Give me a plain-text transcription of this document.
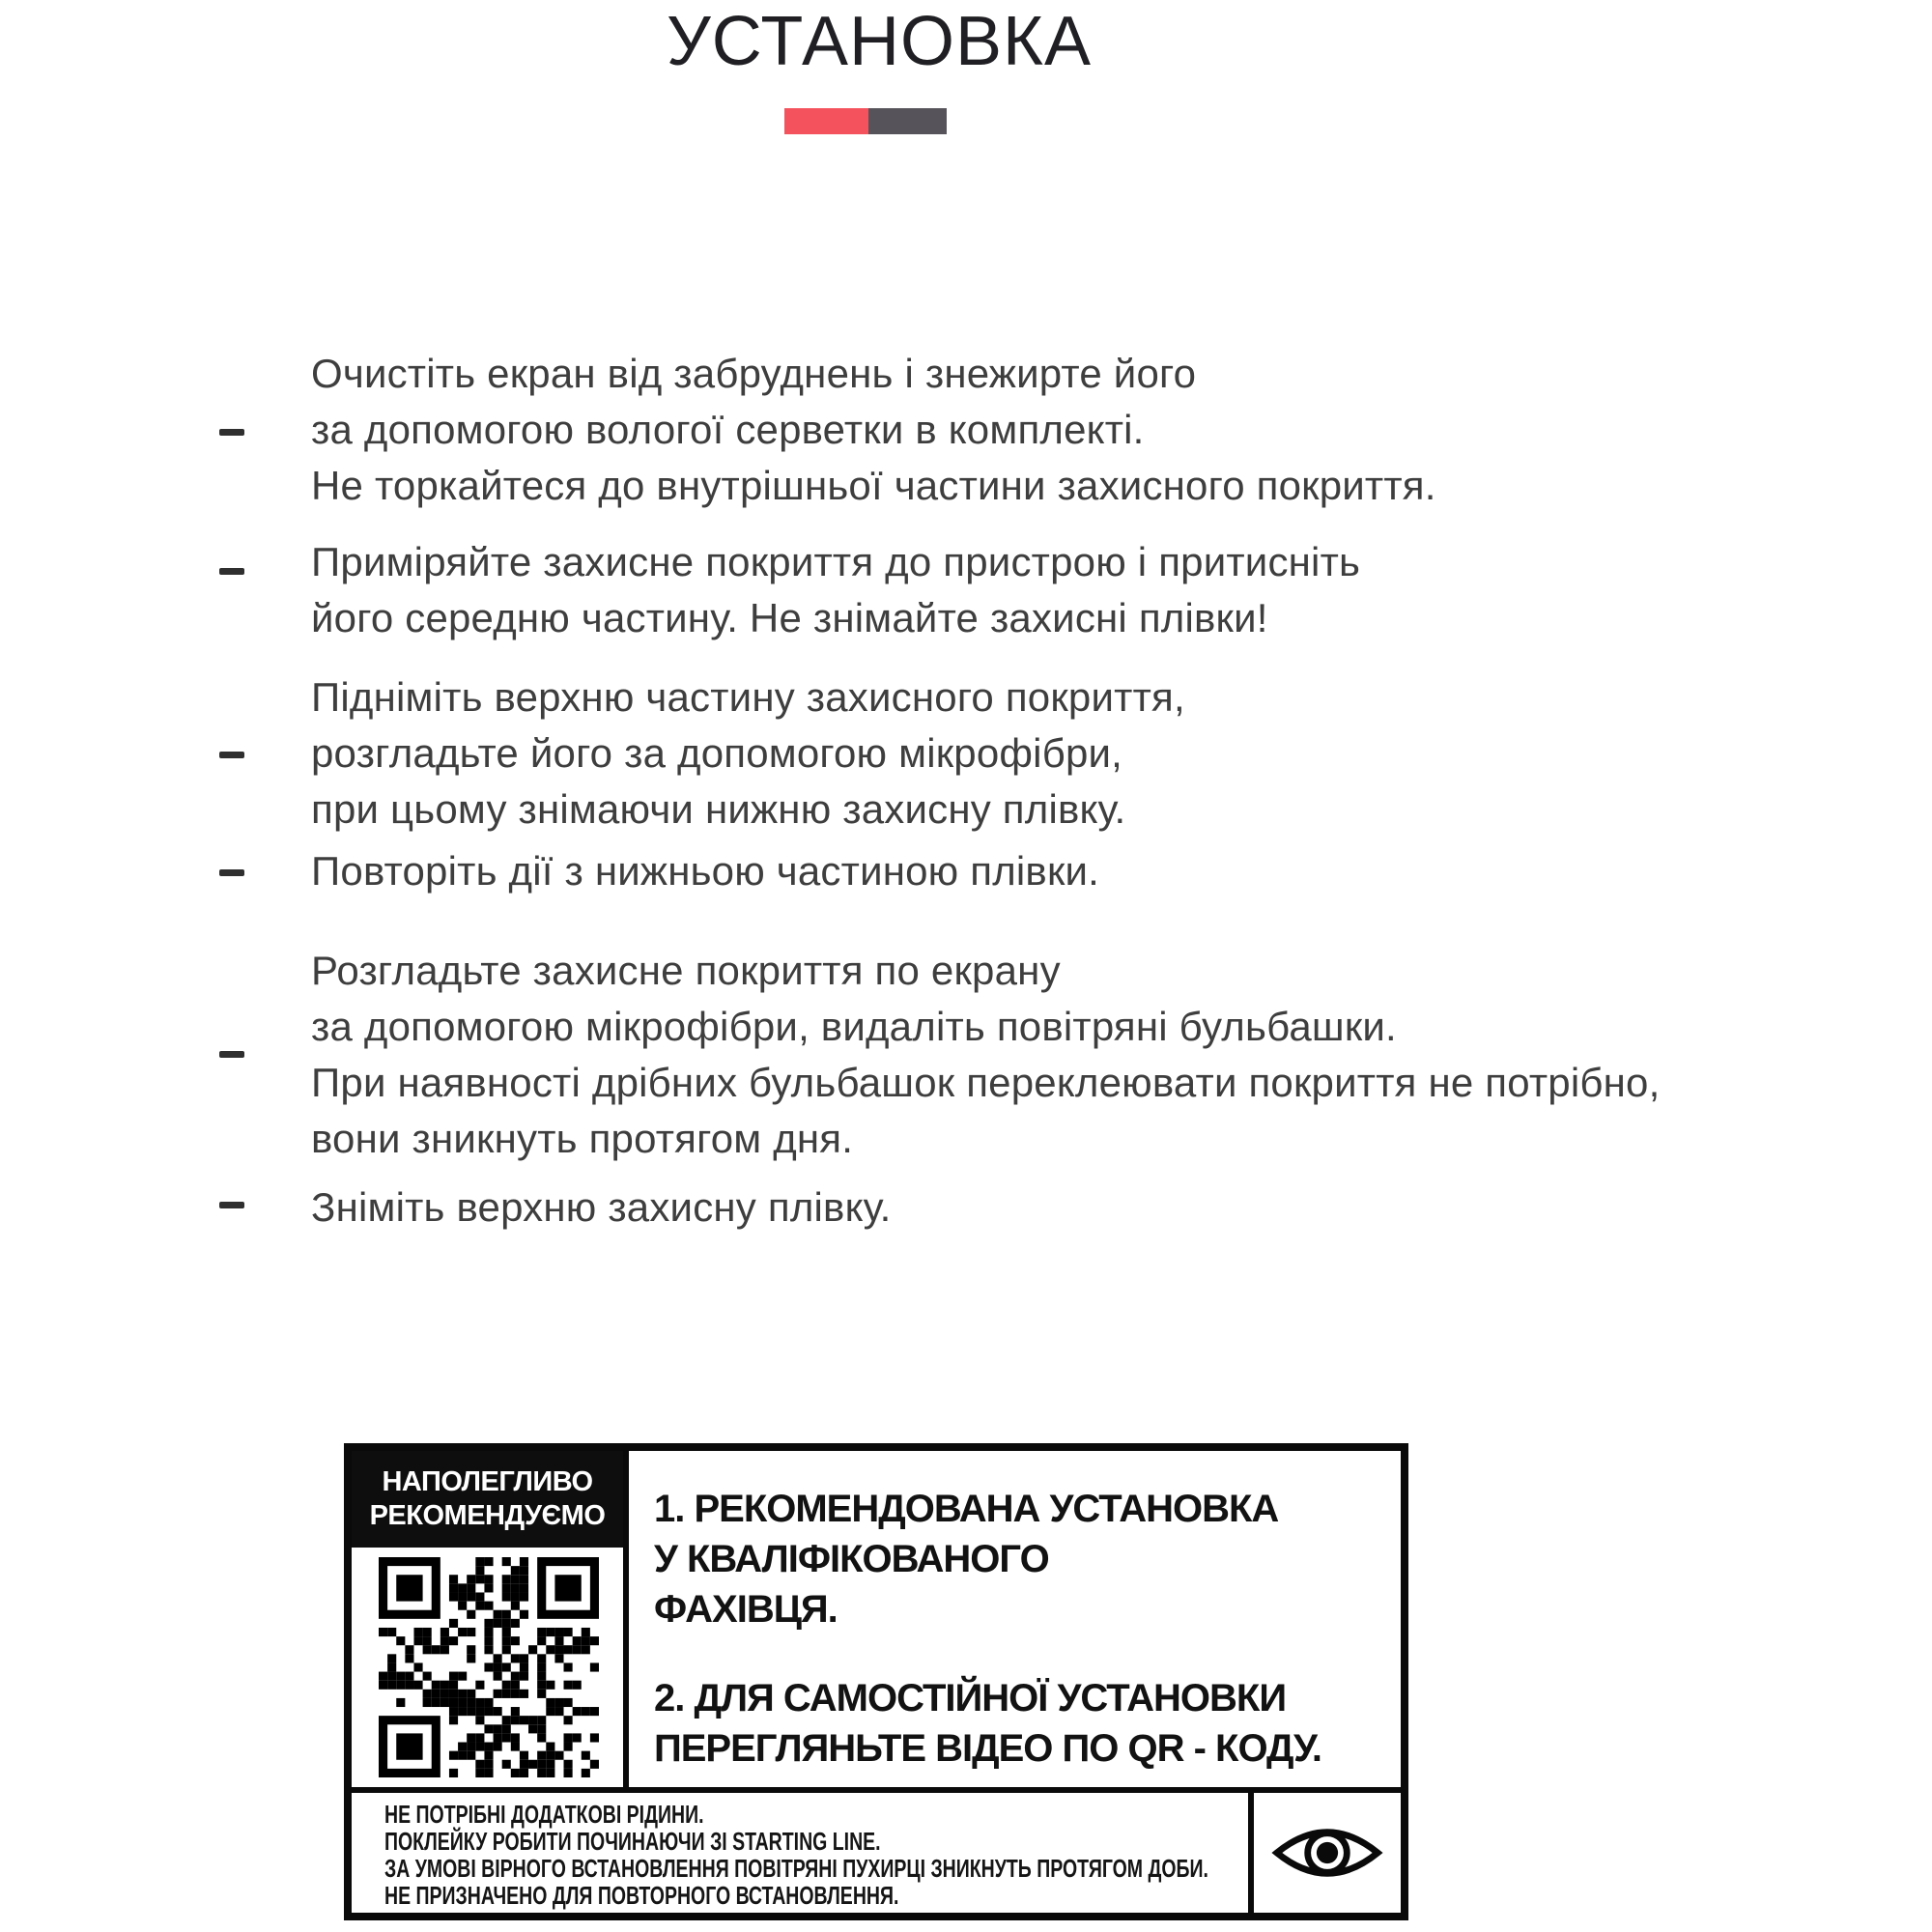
УСТАНОВКА
Очистіть екран від забруднень і знежирте його
за допомогою вологої серветки в комплекті.
Не торкайтеся до внутрішньої частини захисного покриття.
Приміряйте захисне покриття до пристрою і притисніть
його середню частину. Не знімайте захисні плівки!
Підніміть верхню частину захисного покриття,
розгладьте його за допомогою мікрофібри,
при цьому знімаючи нижню захисну плівку.
Повторіть дії з нижньою частиною плівки.
Розгладьте захисне покриття по екрану
за допомогою мікрофібри, видаліть повітряні бульбашки.
При наявності дрібних бульбашок переклеювати покриття не потрібно,
вони зникнуть протягом дня.
Зніміть верхню захисну плівку.
НАПОЛЕГЛИВО
РЕКОМЕНДУЄМО 1. РЕКОМЕНДОВАНА УСТАНОВКА
У КВАЛІФІКОВАНОГО
ФАХІВЦЯ.
2. ДЛЯ САМОСТІЙНОЇ УСТАНОВКИ
ПЕРЕГЛЯНЬТЕ ВІДЕО ПО QR - КОДУ.
НЕ ПОТРІБНІ ДОДАТКОВІ РІДИНИ.
ПОКЛЕЙКУ РОБИТИ ПОЧИНАЮЧИ ЗІ STARTING LINE.
ЗА УМОВІ ВІРНОГО ВСТАНОВЛЕННЯ ПОВІТРЯНІ ПУХИРЦІ ЗНИКНУТЬ ПРОТЯГОМ ДОБИ.
НЕ ПРИЗНАЧЕНО ДЛЯ ПОВТОРНОГО ВСТАНОВЛЕННЯ.
